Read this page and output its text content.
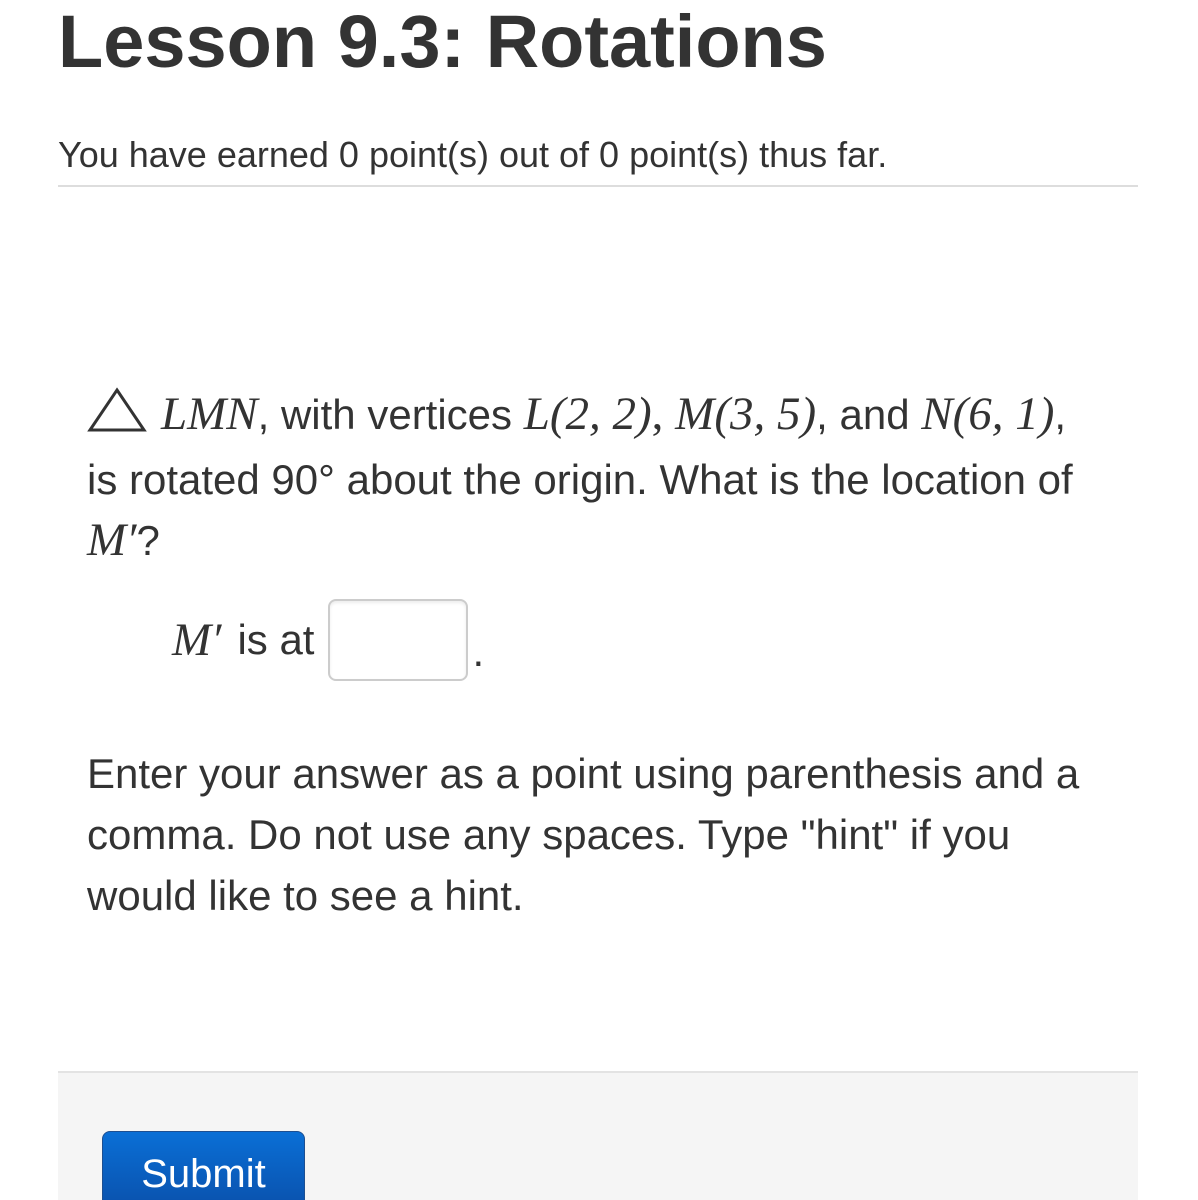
Lesson 9.3: Rotations
You have earned 0 point(s) out of 0 point(s) thus far.
LMN, with vertices L(2, 2), M(3, 5), and N(6, 1), is rotated 90° about the origin. What is the location of M′?
M′ is at	.
Enter your answer as a point using parenthesis and a comma. Do not use any spaces. Type "hint" if you would like to see a hint.
Submit
